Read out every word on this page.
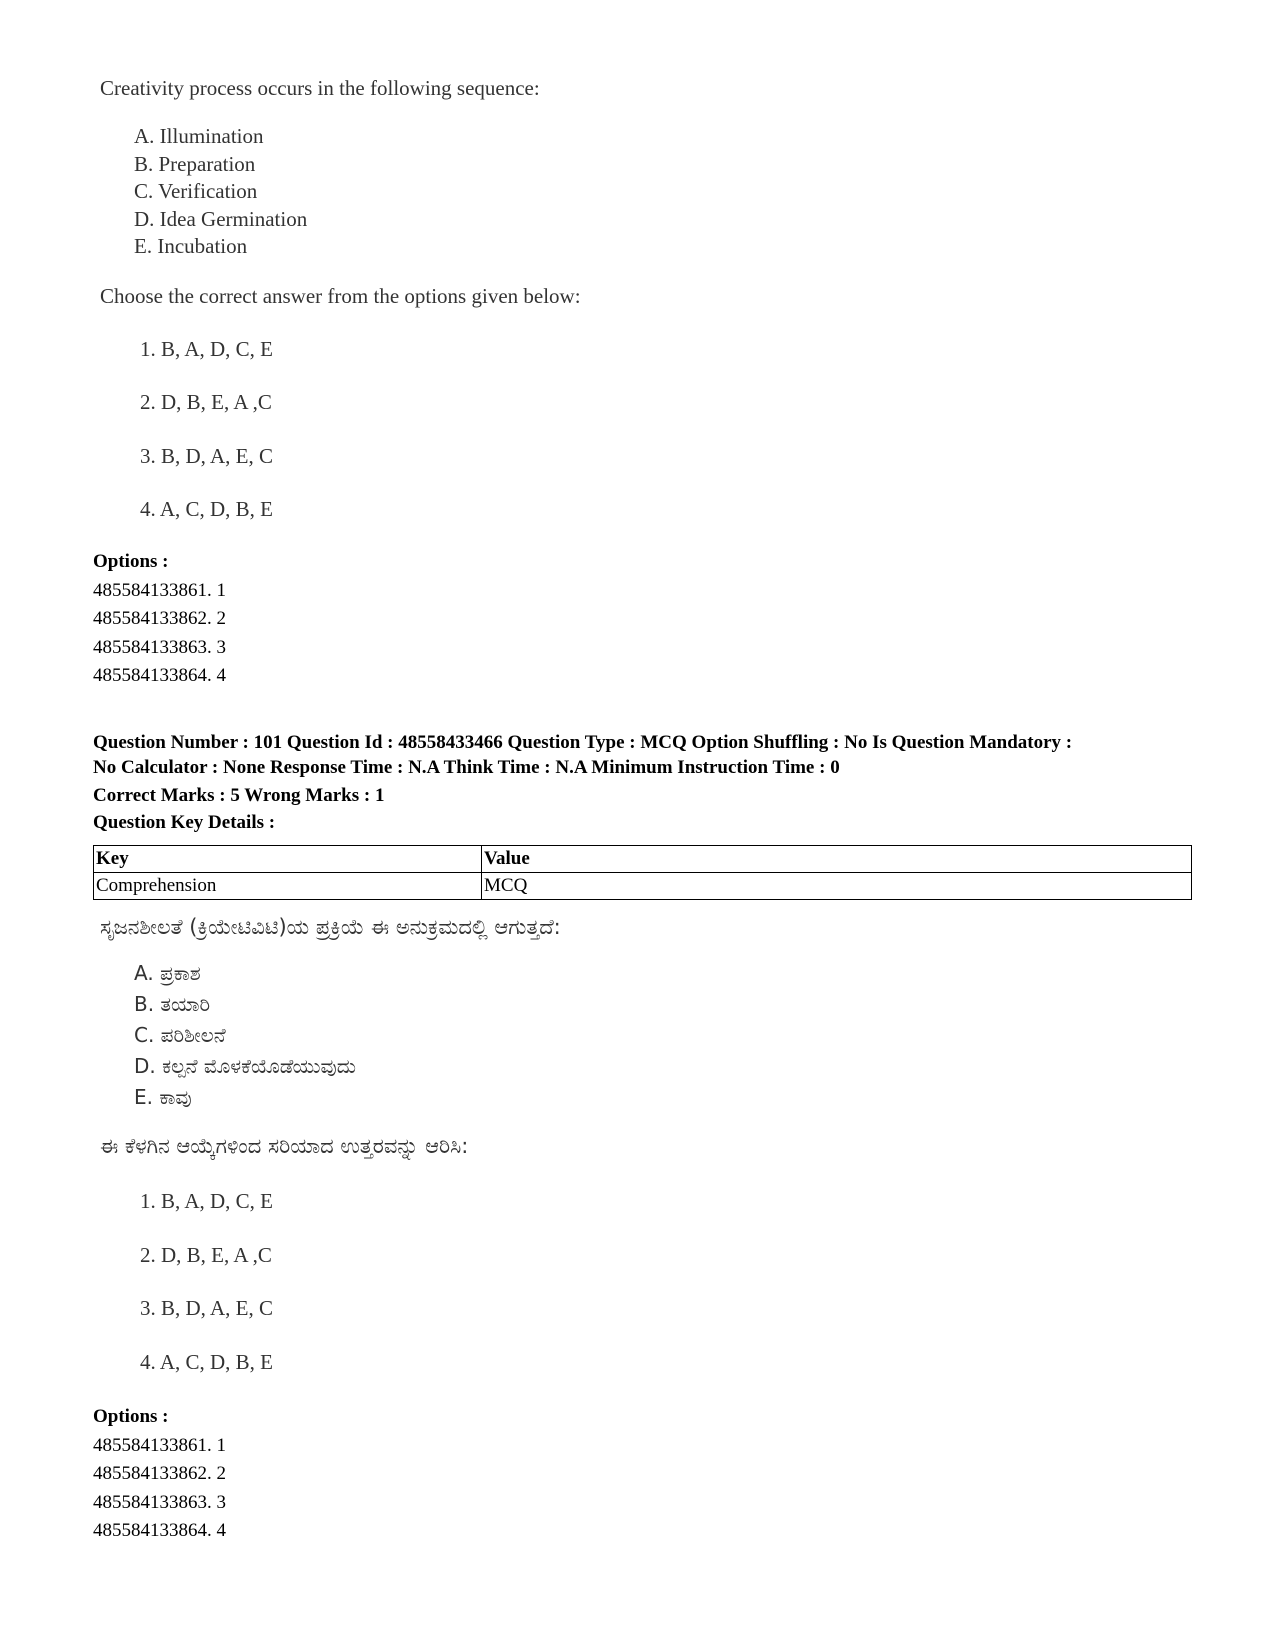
Creativity process occurs in the following sequence:

A. Illumination
B. Preparation
C. Verification
D. Idea Germination
E. Incubation

Choose the correct answer from the options given below:

1. B, A, D, C, E
2. D, B, E, A ,C
3. B, D, A, E, C
4. A, C, D, B, E
Options :
485584133861. 1
485584133862. 2
485584133863. 3
485584133864. 4
Question Number : 101 Question Id : 48558433466 Question Type : MCQ Option Shuffling : No Is Question Mandatory :
No Calculator : None Response Time : N.A Think Time : N.A Minimum Instruction Time : 0
Correct Marks : 5 Wrong Marks : 1
Question Key Details :
Key	Value
Comprehension	MCQ

ಸೃಜನಶೀಲತೆ (ಕ್ರಿಯೇಟಿವಿಟಿ)ಯ ಪ್ರಕ್ರಿಯೆ ಈ ಅನುಕ್ರಮದಲ್ಲಿ ಆಗುತ್ತದೆ:

A. ಪ್ರಕಾಶ
B. ತಯಾರಿ
C. ಪರಿಶೀಲನೆ
D. ಕಲ್ಪನೆ ಮೊಳಕೆಯೊಡೆಯುವುದು
E. ಕಾವು

ಈ ಕೆಳಗಿನ ಆಯ್ಕೆಗಳಿಂದ ಸರಿಯಾದ ಉತ್ತರವನ್ನು ಆರಿಸಿ:

1. B, A, D, C, E
2. D, B, E, A ,C
3. B, D, A, E, C
4. A, C, D, B, E
Options :
485584133861. 1
485584133862. 2
485584133863. 3
485584133864. 4
